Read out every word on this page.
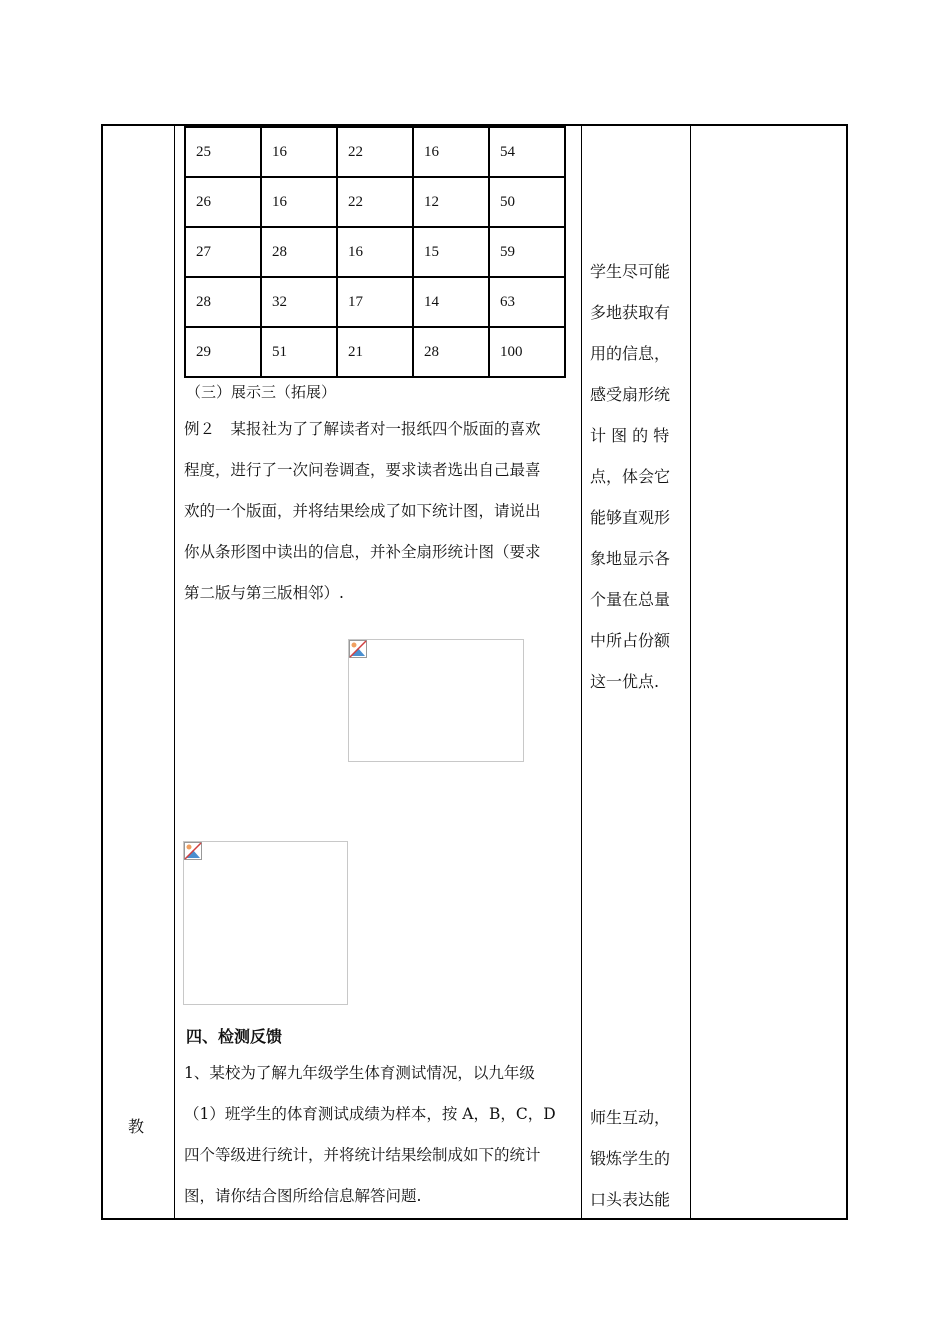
教
25	16	22	16	54
26	16	22	12	50
27	28	16	15	59
28	32	17	14	63
29	51	21	28	100
（三）展示三（拓展）
例２　某报社为了了解读者对一报纸四个版面的喜欢
程度，进行了一次问卷调查，要求读者选出自己最喜
欢的一个版面，并将结果绘成了如下统计图，请说出
你从条形图中读出的信息，并补全扇形统计图（要求
第二版与第三版相邻）.
四、检测反馈
1、某校为了解九年级学生体育测试情况，以九年级
（1）班学生的体育测试成绩为样本，按 A，B，C，D
四个等级进行统计，并将统计结果绘制成如下的统计
图，请你结合图所给信息解答问题.
学生尽可能
多地获取有
用的信息，
感受扇形统
计 图 的 特
点，体会它
能够直观形
象地显示各
个量在总量
中所占份额
这一优点.
师生互动，
锻炼学生的
口头表达能
